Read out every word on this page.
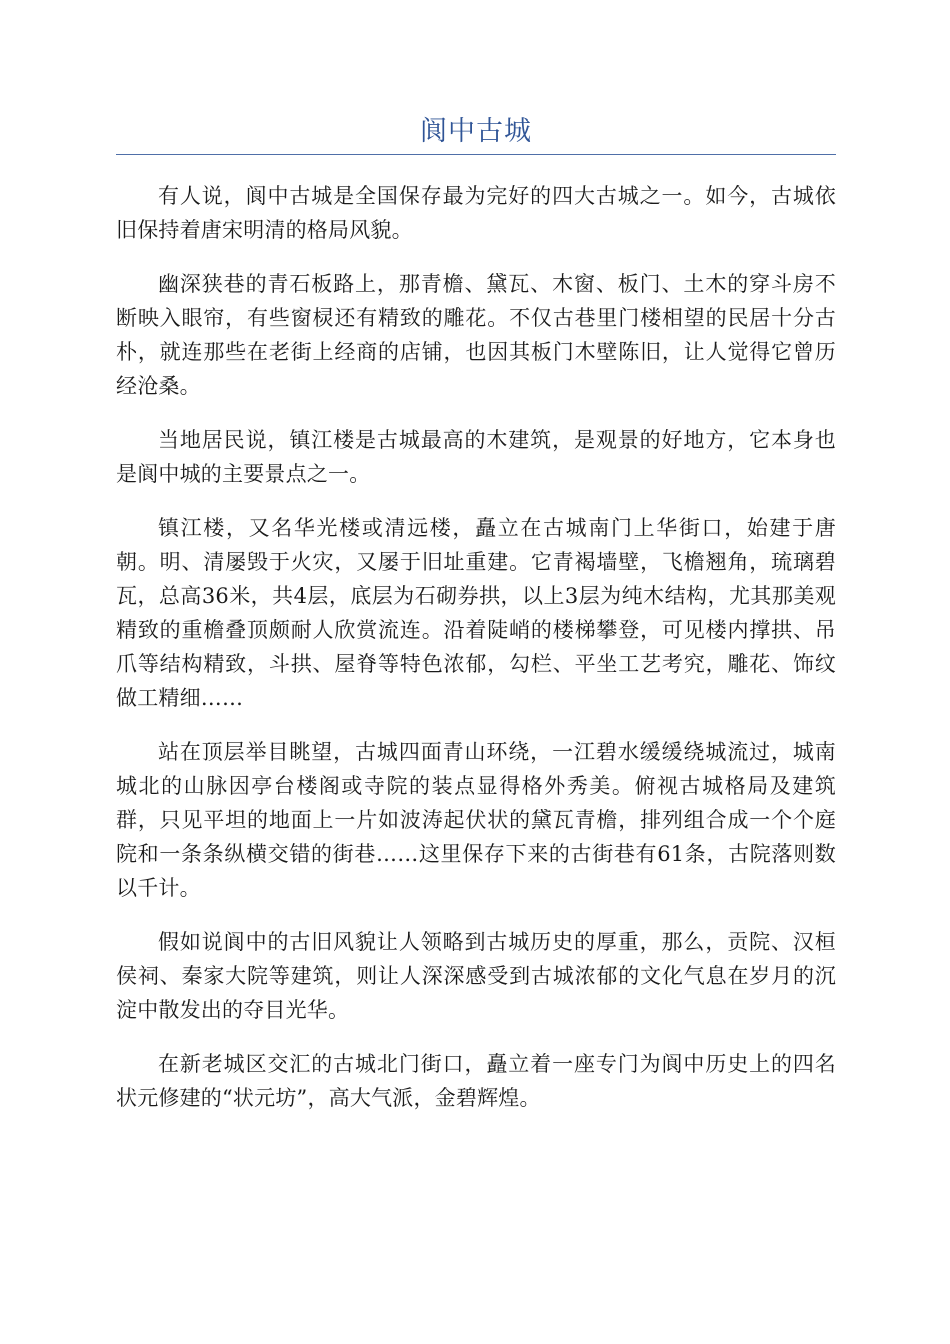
阆中古城

有人说，阆中古城是全国保存最为完好的四大古城之一。如今，古城依旧保持着唐宋明清的格局风貌。

幽深狭巷的青石板路上，那青檐、黛瓦、木窗、板门、土木的穿斗房不断映入眼帘，有些窗棂还有精致的雕花。不仅古巷里门楼相望的民居十分古朴，就连那些在老街上经商的店铺，也因其板门木壁陈旧，让人觉得它曾历经沧桑。

当地居民说，镇江楼是古城最高的木建筑，是观景的好地方，它本身也是阆中城的主要景点之一。

镇江楼，又名华光楼或清远楼，矗立在古城南门上华街口，始建于唐朝。明、清屡毁于火灾，又屡于旧址重建。它青褐墙壁，飞檐翘角，琉璃碧瓦，总高36米，共4层，底层为石砌券拱，以上3层为纯木结构，尤其那美观精致的重檐叠顶颇耐人欣赏流连。沿着陡峭的楼梯攀登，可见楼内撑拱、吊爪等结构精致，斗拱、屋脊等特色浓郁，勾栏、平坐工艺考究，雕花、饰纹做工精细……

站在顶层举目眺望，古城四面青山环绕，一江碧水缓缓绕城流过，城南城北的山脉因亭台楼阁或寺院的装点显得格外秀美。俯视古城格局及建筑群，只见平坦的地面上一片如波涛起伏状的黛瓦青檐，排列组合成一个个庭院和一条条纵横交错的街巷……这里保存下来的古街巷有61条，古院落则数以千计。

假如说阆中的古旧风貌让人领略到古城历史的厚重，那么，贡院、汉桓侯祠、秦家大院等建筑，则让人深深感受到古城浓郁的文化气息在岁月的沉淀中散发出的夺目光华。

在新老城区交汇的古城北门街口，矗立着一座专门为阆中历史上的四名状元修建的“状元坊”，高大气派，金碧辉煌。
